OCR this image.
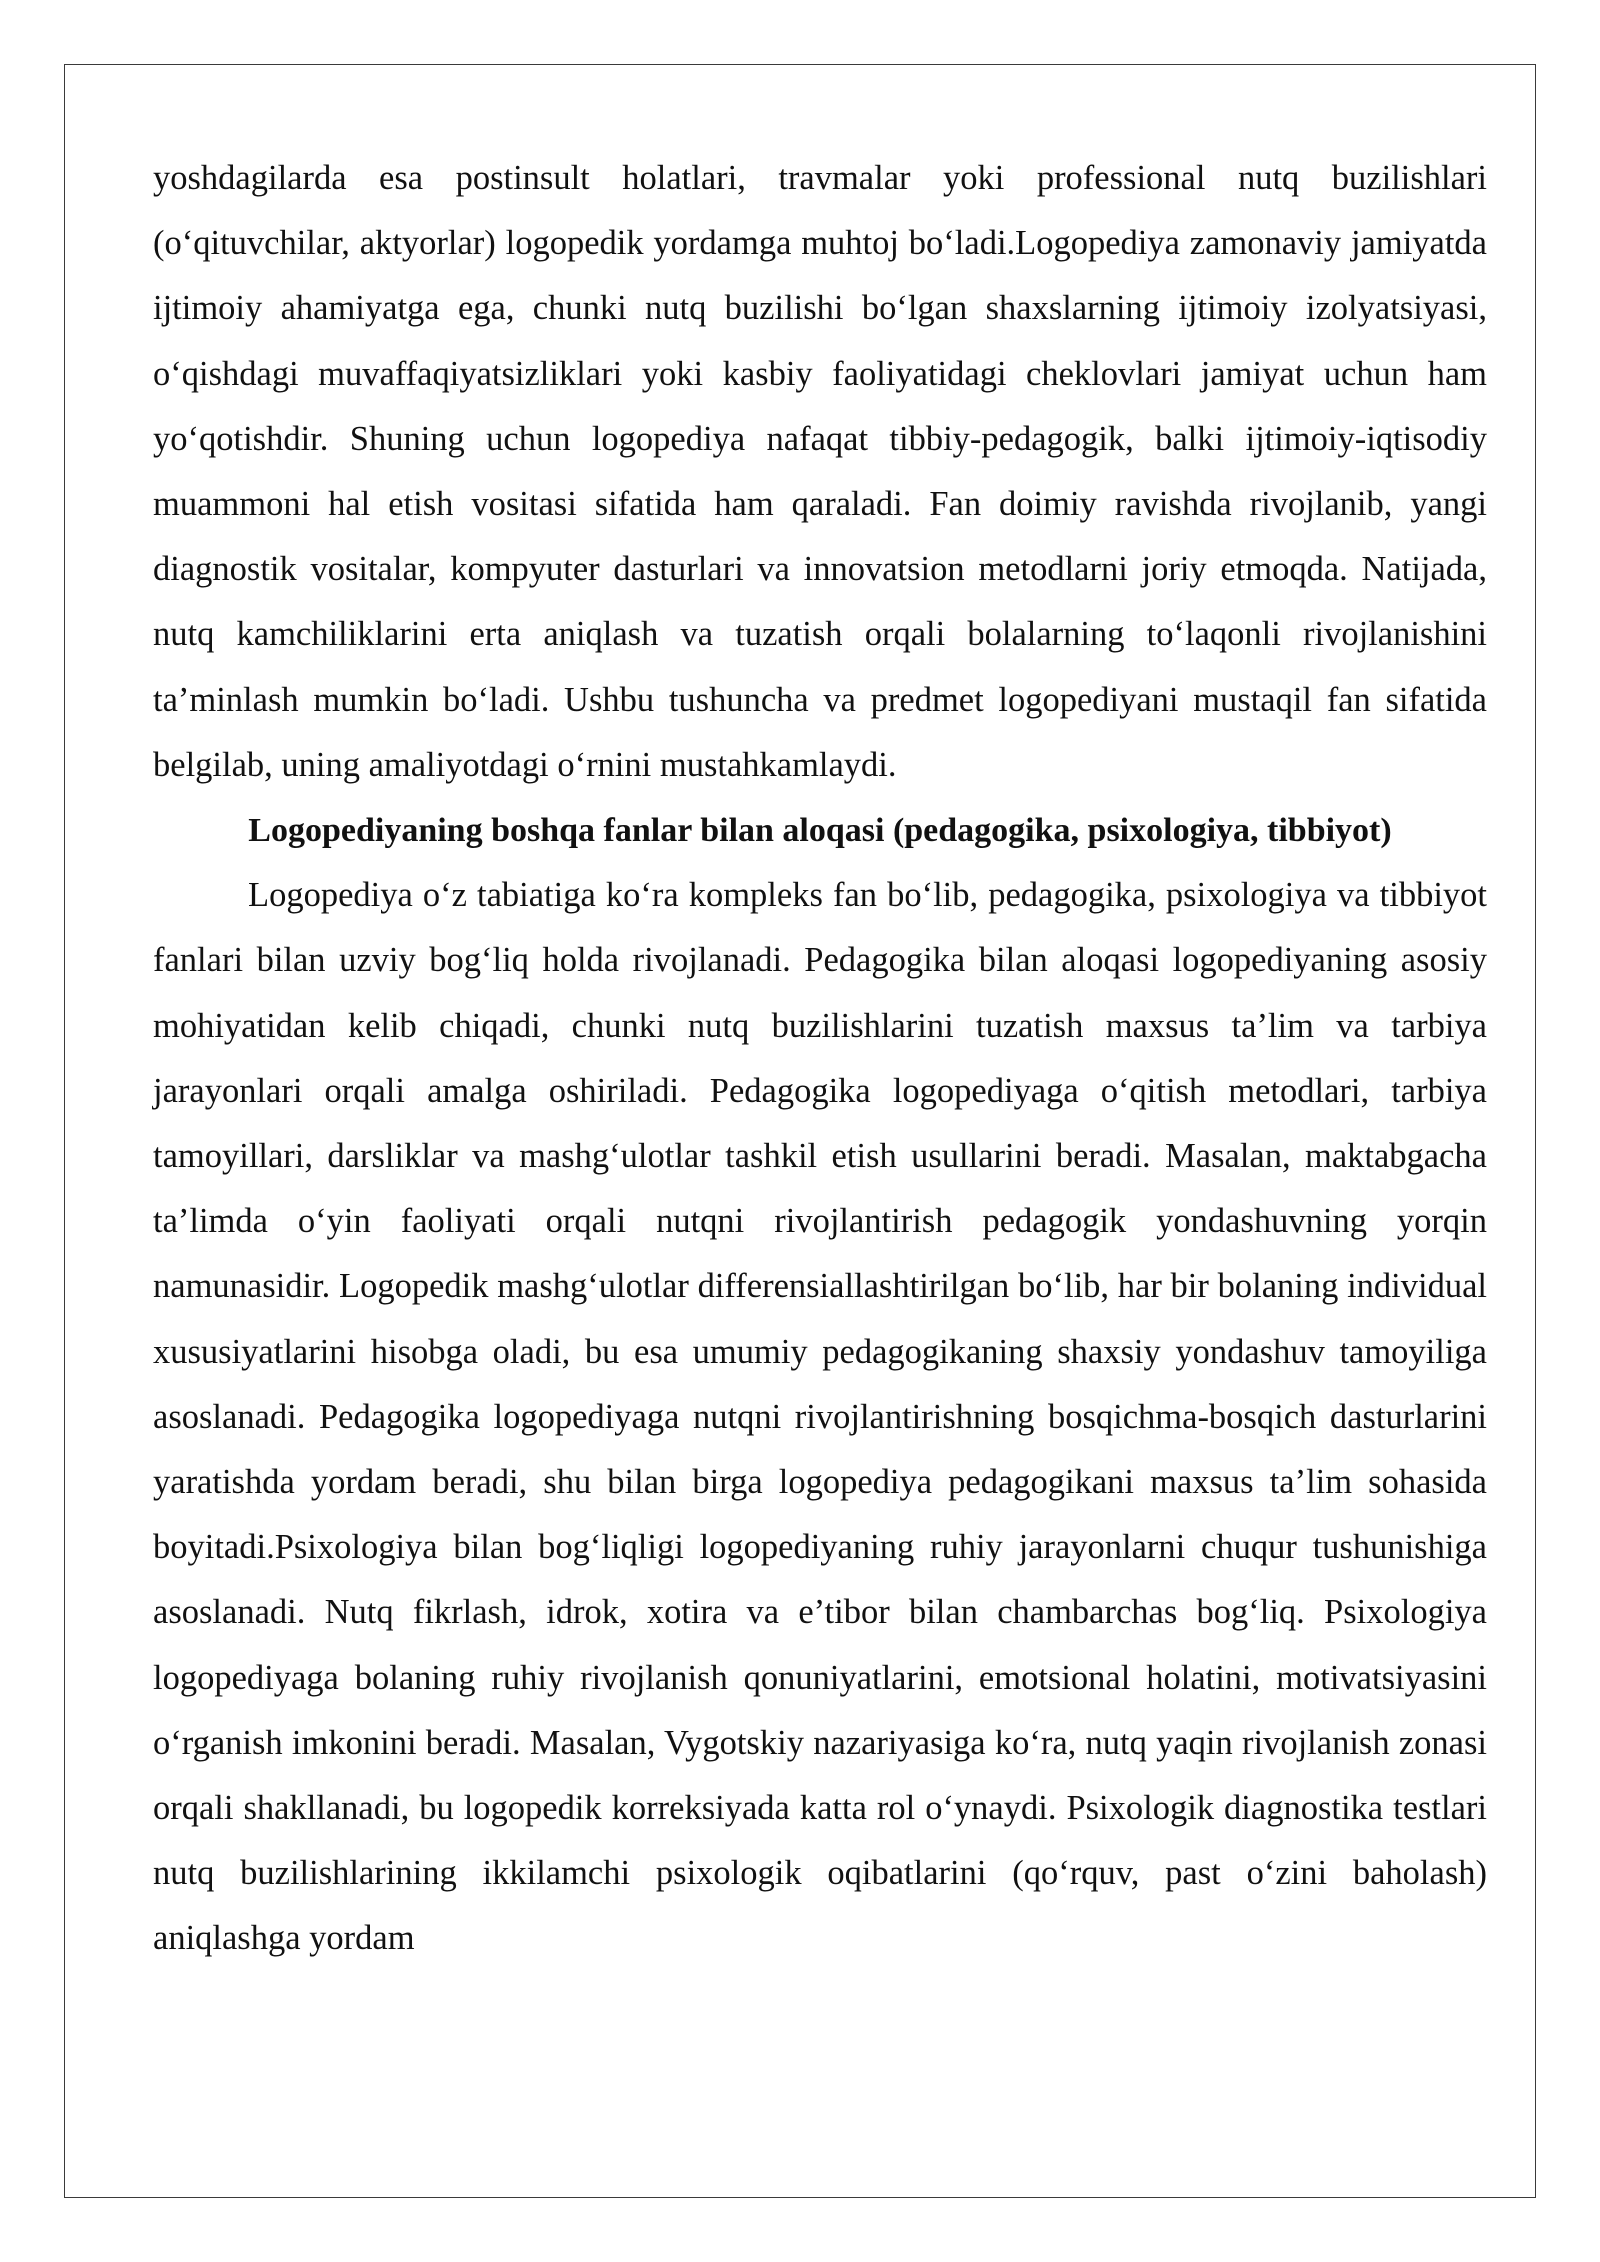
yoshdagilarda esa postinsult holatlari, travmalar yoki professional nutq buzilishlari (o‘qituvchilar, aktyorlar) logopedik yordamga muhtoj bo‘ladi.Logopediya zamonaviy jamiyatda ijtimoiy ahamiyatga ega, chunki nutq buzilishi bo‘lgan shaxslarning ijtimoiy izolyatsiyasi, o‘qishdagi muvaffaqiyatsizliklari yoki kasbiy faoliyatidagi cheklovlari jamiyat uchun ham yo‘qotishdir. Shuning uchun logopediya nafaqat tibbiy-pedagogik, balki ijtimoiy-iqtisodiy muammoni hal etish vositasi sifatida ham qaraladi. Fan doimiy ravishda rivojlanib, yangi diagnostik vositalar, kompyuter dasturlari va innovatsion metodlarni joriy etmoqda. Natijada, nutq kamchiliklarini erta aniqlash va tuzatish orqali bolalarning to‘laqonli rivojlanishini ta’minlash mumkin bo‘ladi. Ushbu tushuncha va predmet logopediyani mustaqil fan sifatida belgilab, uning amaliyotdagi o‘rnini mustahkamlaydi.

Logopediyaning boshqa fanlar bilan aloqasi (pedagogika, psixologiya, tibbiyot)

Logopediya o‘z tabiatiga ko‘ra kompleks fan bo‘lib, pedagogika, psixologiya va tibbiyot fanlari bilan uzviy bog‘liq holda rivojlanadi. Pedagogika bilan aloqasi logopediyaning asosiy mohiyatidan kelib chiqadi, chunki nutq buzilishlarini tuzatish maxsus ta’lim va tarbiya jarayonlari orqali amalga oshiriladi. Pedagogika logopediyaga o‘qitish metodlari, tarbiya tamoyillari, darsliklar va mashg‘ulotlar tashkil etish usullarini beradi. Masalan, maktabgacha ta’limda o‘yin faoliyati orqali nutqni rivojlantirish pedagogik yondashuvning yorqin namunasidir. Logopedik mashg‘ulotlar differensiallashtirilgan bo‘lib, har bir bolaning individual xususiyatlarini hisobga oladi, bu esa umumiy pedagogikaning shaxsiy yondashuv tamoyiliga asoslanadi. Pedagogika logopediyaga nutqni rivojlantirishning bosqichma-bosqich dasturlarini yaratishda yordam beradi, shu bilan birga logopediya pedagogikani maxsus ta’lim sohasida boyitadi.Psixologiya bilan bog‘liqligi logopediyaning ruhiy jarayonlarni chuqur tushunishiga asoslanadi. Nutq fikrlash, idrok, xotira va e’tibor bilan chambarchas bog‘liq. Psixologiya logopediyaga bolaning ruhiy rivojlanish qonuniyatlarini, emotsional holatini, motivatsiyasini o‘rganish imkonini beradi. Masalan, Vygotskiy nazariyasiga ko‘ra, nutq yaqin rivojlanish zonasi orqali shakllanadi, bu logopedik korreksiyada katta rol o‘ynaydi. Psixologik diagnostika testlari nutq buzilishlarining ikkilamchi psixologik oqibatlarini (qo‘rquv, past o‘zini baholash) aniqlashga yordam
